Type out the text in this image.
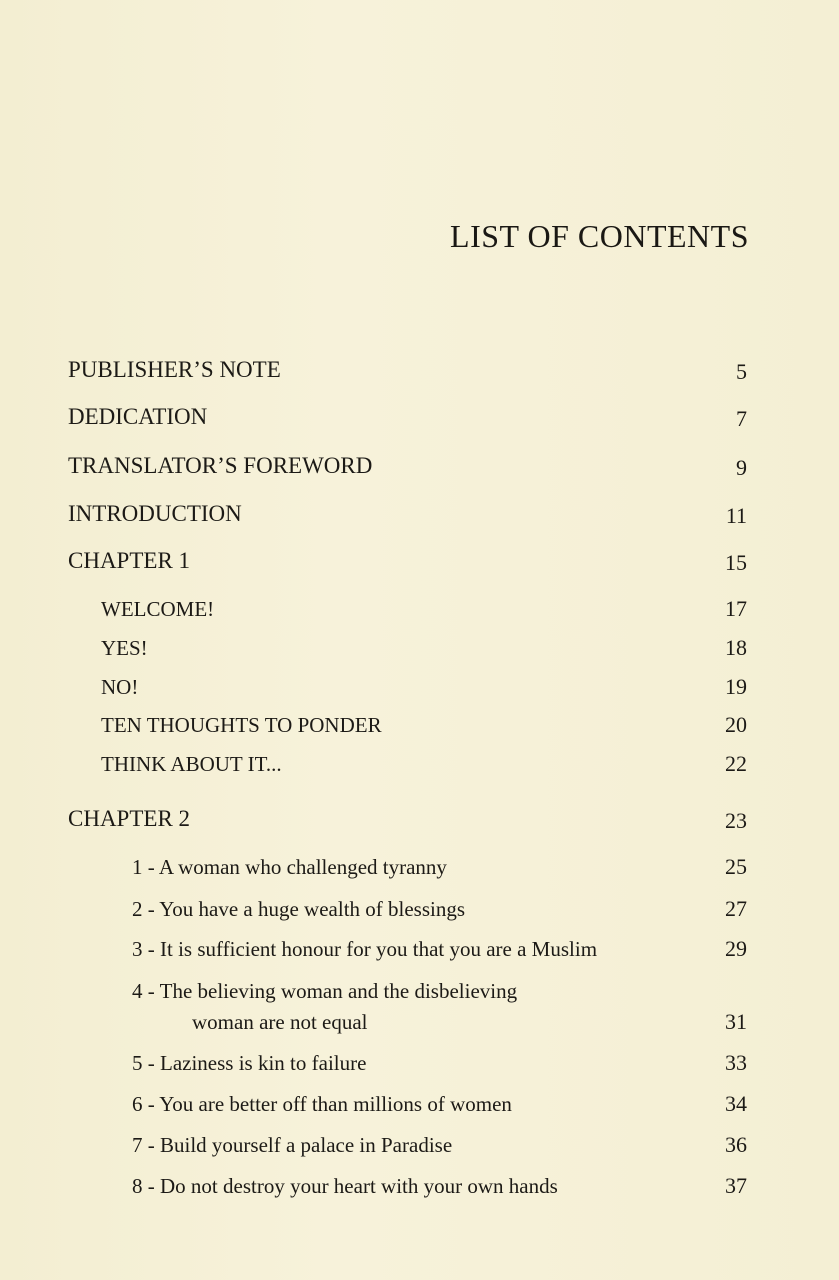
LIST OF CONTENTS
PUBLISHER’S NOTE	5
DEDICATION	7
TRANSLATOR’S FOREWORD	9
INTRODUCTION	11
CHAPTER 1	15
WELCOME!	17
YES!	18
NO!	19
TEN THOUGHTS TO PONDER	20
THINK ABOUT IT...	22
CHAPTER 2	23
1 - A woman who challenged tyranny	25
2 - You have a huge wealth of blessings	27
3 - It is sufficient honour for you that you are a Muslim	29
4 - The believing woman and the disbelieving
woman are not equal	31
5 - Laziness is kin to failure	33
6 - You are better off than millions of women	34
7 - Build yourself a palace in Paradise	36
8 - Do not destroy your heart with your own hands	37
